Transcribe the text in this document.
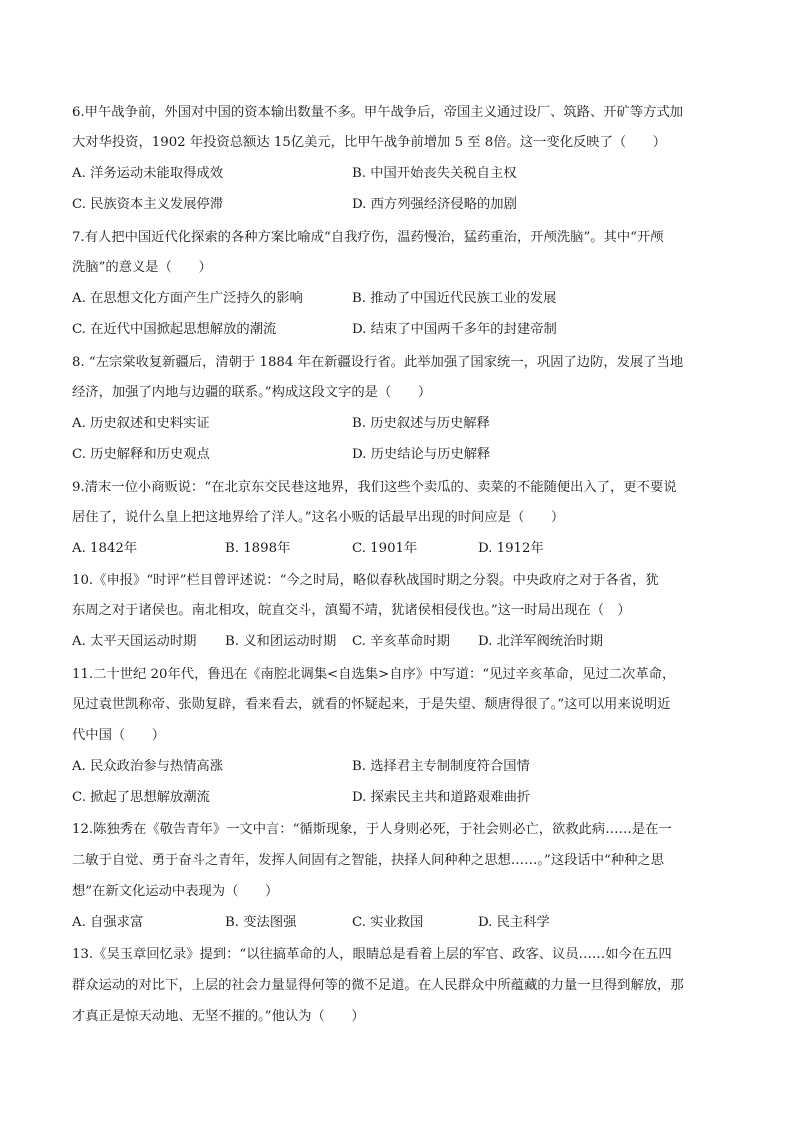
6.甲午战争前，外国对中国的资本输出数量不多。甲午战争后，帝国主义通过设厂、筑路、开矿等方式加
大对华投资，1902 年投资总额达 15亿美元，比甲午战争前增加 5 至 8倍。这一变化反映了（　　）
A. 洋务运动未能取得成效	B. 中国开始丧失关税自主权
C. 民族资本主义发展停滞	D. 西方列强经济侵略的加剧
7.有人把中国近代化探索的各种方案比喻成“自我疗伤，温药慢治，猛药重治，开颅洗脑”。其中“开颅
洗脑”的意义是（　　）
A. 在思想文化方面产生广泛持久的影响	B. 推动了中国近代民族工业的发展
C. 在近代中国掀起思想解放的潮流	D. 结束了中国两千多年的封建帝制
8. “左宗棠收复新疆后，清朝于 1884 年在新疆设行省。此举加强了国家统一，巩固了边防，发展了当地
经济，加强了内地与边疆的联系。”构成这段文字的是（　　）
A. 历史叙述和史料实证	B. 历史叙述与历史解释
C. 历史解释和历史观点	D. 历史结论与历史解释
9.清末一位小商贩说：“在北京东交民巷这地界，我们这些个卖瓜的、卖菜的不能随便出入了，更不要说
居住了，说什么皇上把这地界给了洋人。”这名小贩的话最早出现的时间应是（　　）
A. 1842年	B. 1898年	C. 1901年	D. 1912年
10.《申报》“时评”栏目曾评述说：“今之时局，略似春秋战国时期之分裂。中央政府之对于各省，犹
东周之对于诸侯也。南北相攻，皖直交斗，滇蜀不靖，犹诸侯相侵伐也。”这一时局出现在（　）
A. 太平天国运动时期 B. 义和团运动时期 C. 辛亥革命时期 D. 北洋军阀统治时期
11.二十世纪 20年代，鲁迅在《南腔北调集<自选集>自序》中写道：“见过辛亥革命，见过二次革命，
见过袁世凯称帝、张勋复辟，看来看去，就看的怀疑起来，于是失望、颓唐得很了。”这可以用来说明近
代中国（　　）
A. 民众政治参与热情高涨	B. 选择君主专制制度符合国情
C. 掀起了思想解放潮流	D. 探索民主共和道路艰难曲折
12.陈独秀在《敬告青年》一文中言：“循斯现象，于人身则必死，于社会则必亡，欲救此病……是在一
二敏于自觉、勇于奋斗之青年，发挥人间固有之智能，抉择人间种种之思想……。”这段话中“种种之思
想”在新文化运动中表现为（　　）
A. 自强求富	B. 变法图强	C. 实业救国	D. 民主科学
13.《吴玉章回忆录》提到：“以往搞革命的人，眼睛总是看着上层的军官、政客、议员……如今在五四
群众运动的对比下，上层的社会力量显得何等的微不足道。在人民群众中所蕴藏的力量一旦得到解放，那
才真正是惊天动地、无坚不摧的。”他认为（　　）
